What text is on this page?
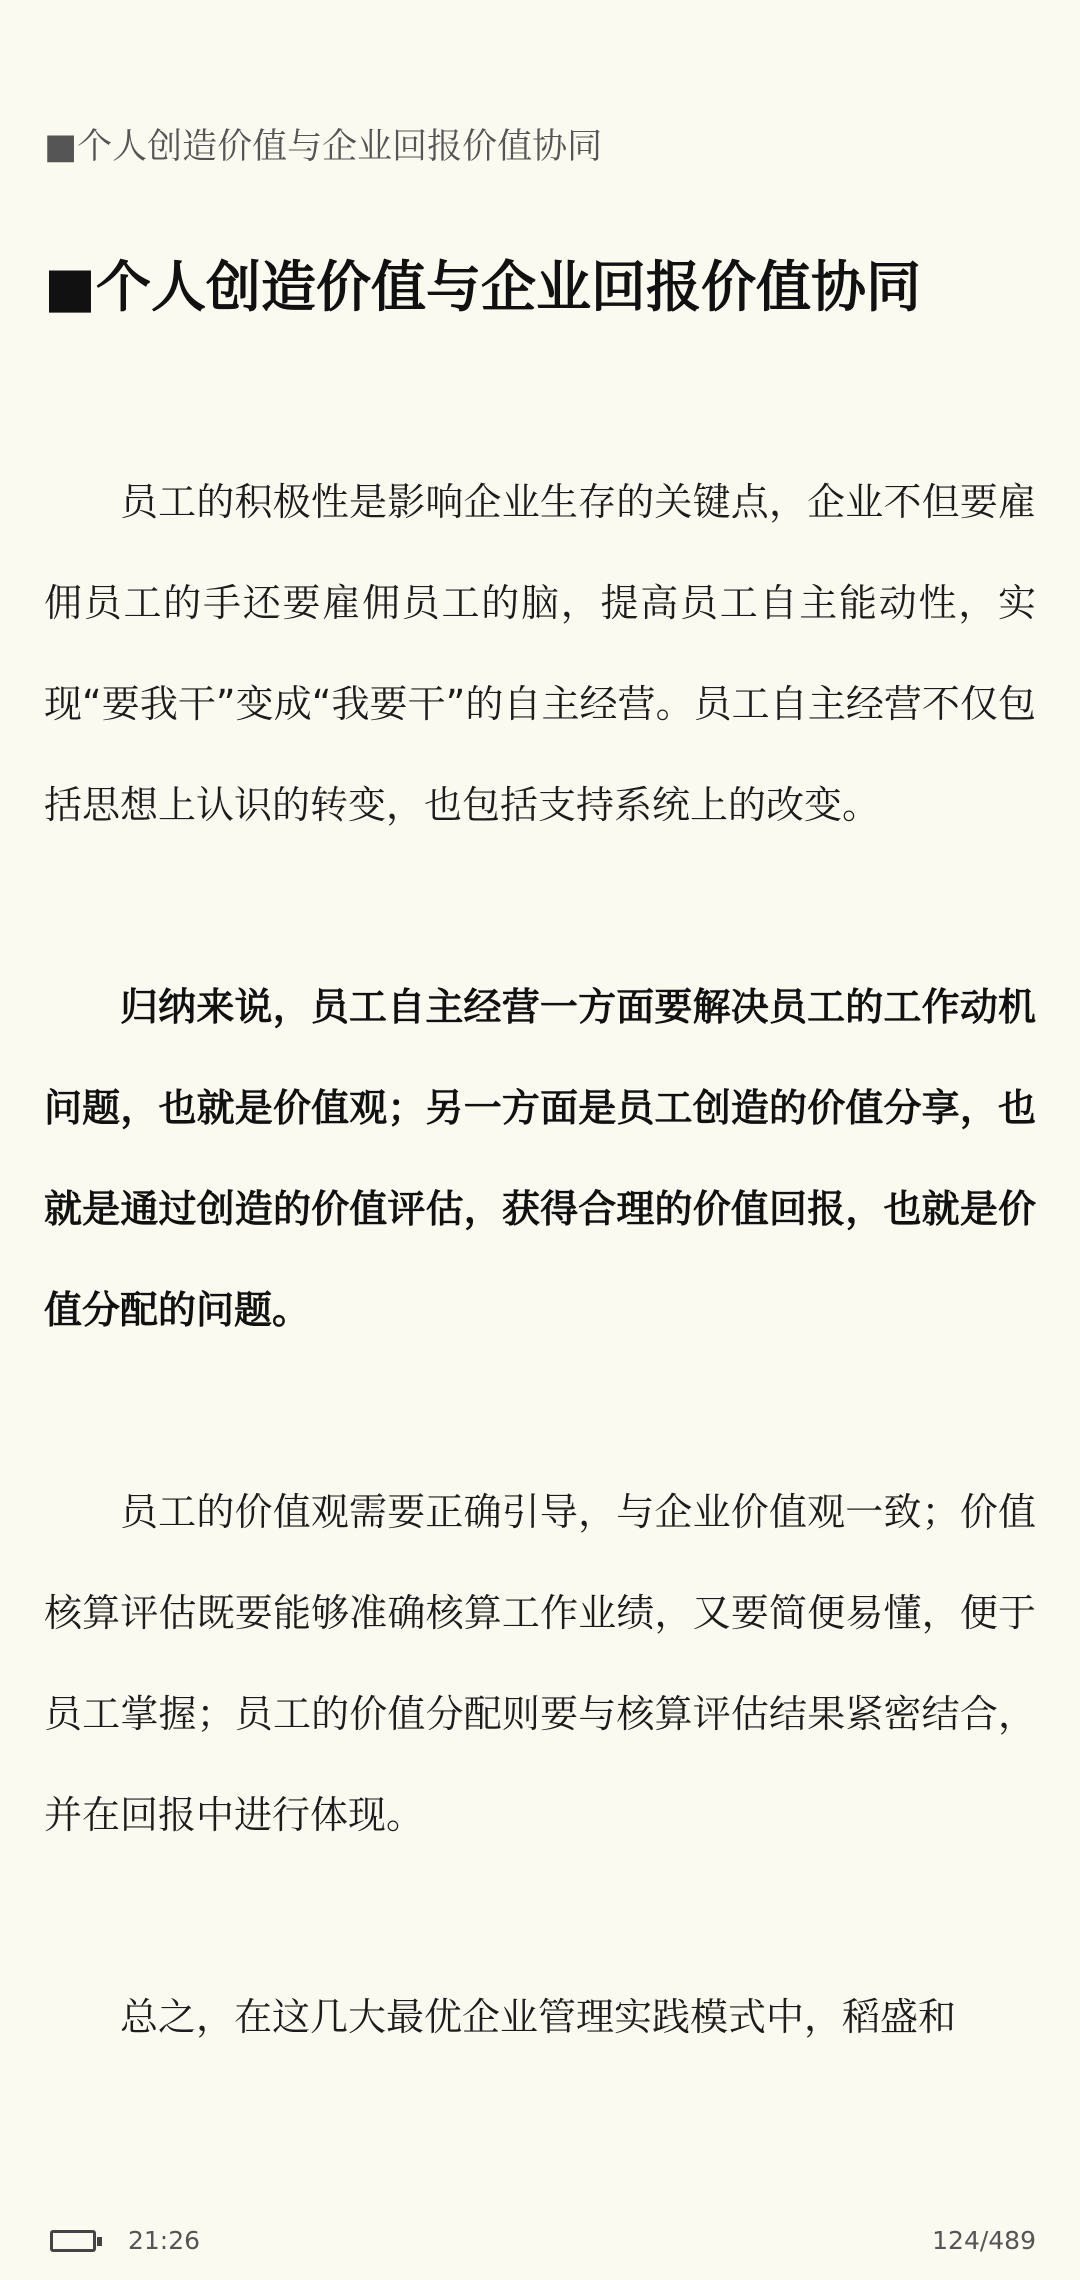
■个人创造价值与企业回报价值协同
■个人创造价值与企业回报价值协同

员工的积极性是影响企业生存的关键点，企业不但要雇佣员工的手还要雇佣员工的脑，提高员工自主能动性，实现“要我干”变成“我要干”的自主经营。员工自主经营不仅包括思想上认识的转变，也包括支持系统上的改变。

归纳来说，员工自主经营一方面要解决员工的工作动机问题，也就是价值观；另一方面是员工创造的价值分享，也就是通过创造的价值评估，获得合理的价值回报，也就是价值分配的问题。

员工的价值观需要正确引导，与企业价值观一致；价值核算评估既要能够准确核算工作业绩，又要简便易懂，便于员工掌握；员工的价值分配则要与核算评估结果紧密结合，并在回报中进行体现。

总之，在这几大最优企业管理实践模式中，稻盛和

21:26	124/489
